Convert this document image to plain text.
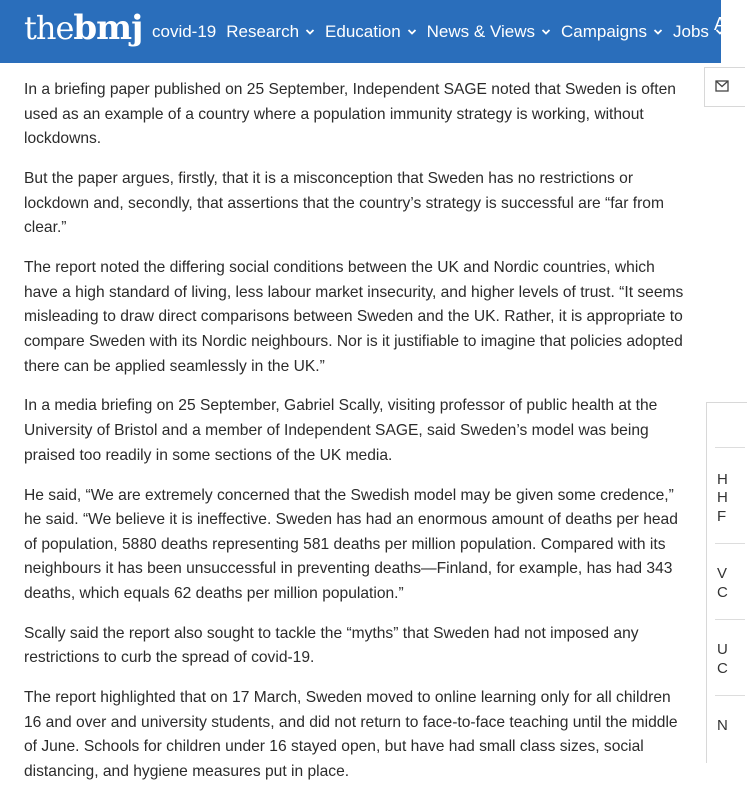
the bmj covid-19 Research Education News & Views Campaigns Jobs A
H
H
F
V
C
U
C
N

In a briefing paper published on 25 September, Independent SAGE noted that Sweden is often used as an example of a country where a population immunity strategy is working, without lockdowns.

But the paper argues, firstly, that it is a misconception that Sweden has no restrictions or lockdown and, secondly, that assertions that the country’s strategy is successful are “far from clear.”

The report noted the differing social conditions between the UK and Nordic countries, which have a high standard of living, less labour market insecurity, and higher levels of trust. “It seems misleading to draw direct comparisons between Sweden and the UK. Rather, it is appropriate to compare Sweden with its Nordic neighbours. Nor is it justifiable to imagine that policies adopted there can be applied seamlessly in the UK.”

In a media briefing on 25 September, Gabriel Scally, visiting professor of public health at the University of Bristol and a member of Independent SAGE, said Sweden’s model was being praised too readily in some sections of the UK media.

He said, “We are extremely concerned that the Swedish model may be given some credence,” he said. “We believe it is ineffective. Sweden has had an enormous amount of deaths per head of population, 5880 deaths representing 581 deaths per million population. Compared with its neighbours it has been unsuccessful in preventing deaths—Finland, for example, has had 343 deaths, which equals 62 deaths per million population.”

Scally said the report also sought to tackle the “myths” that Sweden had not imposed any restrictions to curb the spread of covid-19.

The report highlighted that on 17 March, Sweden moved to online learning only for all children 16 and over and university students, and did not return to face-to-face teaching until the middle of June. Schools for children under 16 stayed open, but have had small class sizes, social distancing, and hygiene measures put in place.
